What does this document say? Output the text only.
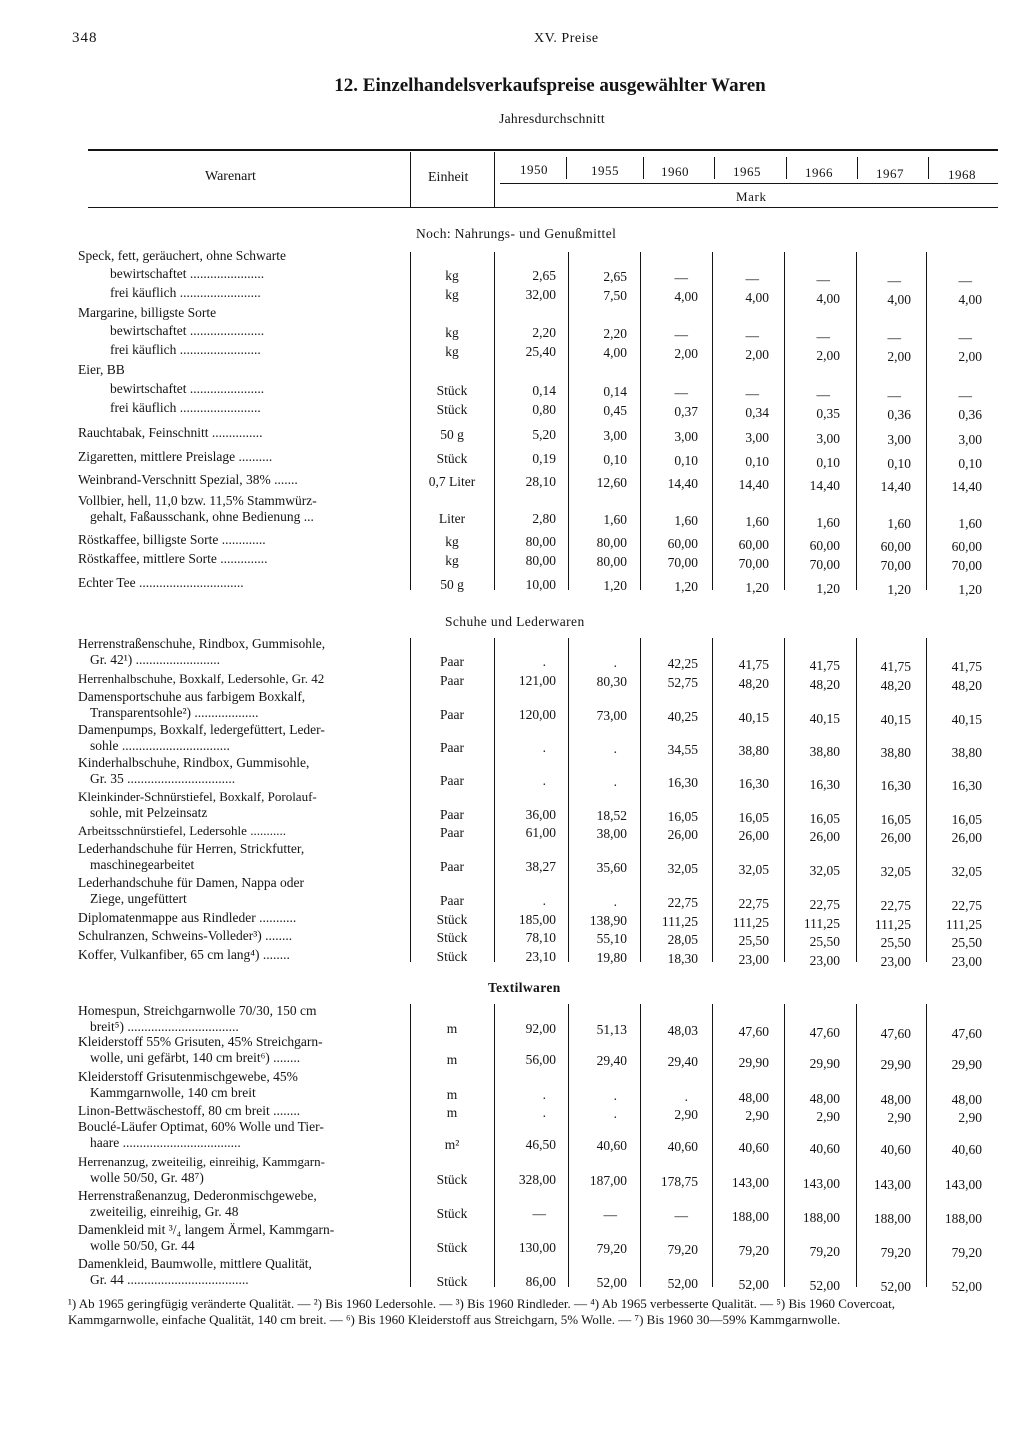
348	XV. Preise
12. Einzelhandelsverkaufspreise ausgewählter Waren
Jahresdurchschnitt
Warenart	Einheit
1950	1955	1960	1965	1966	1967	1968
Mark
Noch: Nahrungs- und Genußmittel
Speck, fett, geräuchert, ohne Schwarte
bewirtschaftet ......................	kg	2,65	2,65	—	—	—	—	—
frei käuflich ........................	kg	32,00	7,50	4,00	4,00	4,00	4,00	4,00
Margarine, billigste Sorte
bewirtschaftet ......................	kg	2,20	2,20	—	—	—	—	—
frei käuflich ........................	kg	25,40	4,00	2,00	2,00	2,00	2,00	2,00
Eier, BB
bewirtschaftet ......................	Stück	0,14	0,14	—	—	—	—	—
frei käuflich ........................	Stück	0,80	0,45	0,37	0,34	0,35	0,36	0,36
Rauchtabak, Feinschnitt ...............	50 g	5,20	3,00	3,00	3,00	3,00	3,00	3,00
Zigaretten, mittlere Preislage ..........	Stück	0,19	0,10	0,10	0,10	0,10	0,10	0,10
Weinbrand-Verschnitt Spezial, 38% .......	0,7 Liter	28,10	12,60	14,40	14,40	14,40	14,40	14,40
Vollbier, hell, 11,0 bzw. 11,5% Stammwürz-
gehalt, Faßausschank, ohne Bedienung ...	Liter	2,80	1,60	1,60	1,60	1,60	1,60	1,60
Röstkaffee, billigste Sorte .............	kg	80,00	80,00	60,00	60,00	60,00	60,00	60,00
Röstkaffee, mittlere Sorte ..............	kg	80,00	80,00	70,00	70,00	70,00	70,00	70,00
Echter Tee ...............................	50 g	10,00	1,20	1,20	1,20	1,20	1,20	1,20
Schuhe und Lederwaren
Herrenstraßenschuhe, Rindbox, Gummisohle,
Gr. 42¹) .........................	Paar	.	.	42,25	41,75	41,75	41,75	41,75
Herrenhalbschuhe, Boxkalf, Ledersohle, Gr. 42	Paar	121,00	80,30	52,75	48,20	48,20	48,20	48,20
Damensportschuhe aus farbigem Boxkalf,
Transparentsohle²) ...................	Paar	120,00	73,00	40,25	40,15	40,15	40,15	40,15
Damenpumps, Boxkalf, ledergefüttert, Leder-
sohle ................................	Paar	.	.	34,55	38,80	38,80	38,80	38,80
Kinderhalbschuhe, Rindbox, Gummisohle,
Gr. 35 ................................	Paar	.	.	16,30	16,30	16,30	16,30	16,30
Kleinkinder-Schnürstiefel, Boxkalf, Porolauf-
sohle, mit Pelzeinsatz	Paar	36,00	18,52	16,05	16,05	16,05	16,05	16,05
Arbeitsschnürstiefel, Ledersohle ...........	Paar	61,00	38,00	26,00	26,00	26,00	26,00	26,00
Lederhandschuhe für Herren, Strickfutter,
maschinegearbeitet	Paar	38,27	35,60	32,05	32,05	32,05	32,05	32,05
Lederhandschuhe für Damen, Nappa oder
Ziege, ungefüttert	Paar	.	.	22,75	22,75	22,75	22,75	22,75
Diplomatenmappe aus Rindleder ...........	Stück	185,00	138,90	111,25	111,25	111,25	111,25	111,25
Schulranzen, Schweins-Volleder³) ........	Stück	78,10	55,10	28,05	25,50	25,50	25,50	25,50
Koffer, Vulkanfiber, 65 cm lang⁴) ........	Stück	23,10	19,80	18,30	23,00	23,00	23,00	23,00
Textilwaren
Homespun, Streichgarnwolle 70/30, 150 cm
breit⁵) .................................	m	92,00	51,13	48,03	47,60	47,60	47,60	47,60
Kleiderstoff 55% Grisuten, 45% Streichgarn-
wolle, uni gefärbt, 140 cm breit⁶) ........	m	56,00	29,40	29,40	29,90	29,90	29,90	29,90
Kleiderstoff Grisutenmischgewebe, 45%
Kammgarnwolle, 140 cm breit	m	.	.	.	48,00	48,00	48,00	48,00
Linon-Bettwäschestoff, 80 cm breit ........	m	.	.	2,90	2,90	2,90	2,90	2,90
Bouclé-Läufer Optimat, 60% Wolle und Tier-
haare ...................................	m²	46,50	40,60	40,60	40,60	40,60	40,60	40,60
Herrenanzug, zweiteilig, einreihig, Kammgarn-
wolle 50/50, Gr. 48⁷)	Stück	328,00	187,00	178,75	143,00	143,00	143,00	143,00
Herrenstraßenanzug, Dederonmischgewebe,
zweiteilig, einreihig, Gr. 48	Stück	—	—	—	188,00	188,00	188,00	188,00
Damenkleid mit ³/₄ langem Ärmel, Kammgarn-
wolle 50/50, Gr. 44	Stück	130,00	79,20	79,20	79,20	79,20	79,20	79,20
Damenkleid, Baumwolle, mittlere Qualität,
Gr. 44 ....................................	Stück	86,00	52,00	52,00	52,00	52,00	52,00	52,00
¹) Ab 1965 geringfügig veränderte Qualität. — ²) Bis 1960 Ledersohle. — ³) Bis 1960 Rindleder. — ⁴) Ab 1965 verbesserte Qualität. — ⁵) Bis 1960 Covercoat, Kammgarnwolle, einfache Qualität, 140 cm breit. — ⁶) Bis 1960 Kleiderstoff aus Streichgarn, 5% Wolle. — ⁷) Bis 1960 30—59% Kammgarnwolle.
